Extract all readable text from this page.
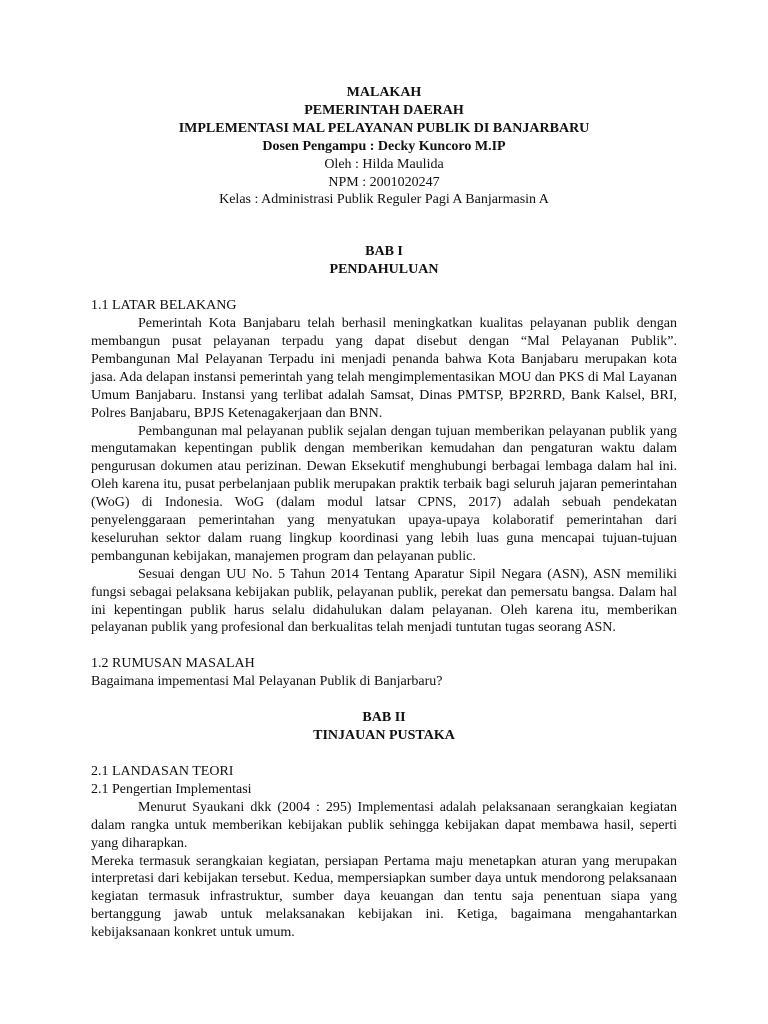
MALAKAH
PEMERINTAH DAERAH
IMPLEMENTASI MAL PELAYANAN PUBLIK DI BANJARBARU
Dosen Pengampu : Decky Kuncoro M.IP
Oleh : Hilda Maulida
NPM : 2001020247
Kelas : Administrasi Publik Reguler Pagi A Banjarmasin A
BAB I
PENDAHULUAN
1.1 LATAR BELAKANG

Pemerintah Kota Banjabaru telah berhasil meningkatkan kualitas pelayanan publik dengan membangun pusat pelayanan terpadu yang dapat disebut dengan “Mal Pelayanan Publik”. Pembangunan Mal Pelayanan Terpadu ini menjadi penanda bahwa Kota Banjabaru merupakan kota jasa. Ada delapan instansi pemerintah yang telah mengimplementasikan MOU dan PKS di Mal Layanan Umum Banjabaru. Instansi yang terlibat adalah Samsat, Dinas PMTSP, BP2RRD, Bank Kalsel, BRI, Polres Banjabaru, BPJS Ketenagakerjaan dan BNN.

Pembangunan mal pelayanan publik sejalan dengan tujuan memberikan pelayanan publik yang mengutamakan kepentingan publik dengan memberikan kemudahan dan pengaturan waktu dalam pengurusan dokumen atau perizinan. Dewan Eksekutif menghubungi berbagai lembaga dalam hal ini. Oleh karena itu, pusat perbelanjaan publik merupakan praktik terbaik bagi seluruh jajaran pemerintahan (WoG) di Indonesia. WoG (dalam modul latsar CPNS, 2017) adalah sebuah pendekatan penyelenggaraan pemerintahan yang menyatukan upaya-upaya kolaboratif pemerintahan dari keseluruhan sektor dalam ruang lingkup koordinasi yang lebih luas guna mencapai tujuan-tujuan pembangunan kebijakan, manajemen program dan pelayanan public.

Sesuai dengan UU No. 5 Tahun 2014 Tentang Aparatur Sipil Negara (ASN), ASN memiliki fungsi sebagai pelaksana kebijakan publik, pelayanan publik, perekat dan pemersatu bangsa. Dalam hal ini kepentingan publik harus selalu didahulukan dalam pelayanan. Oleh karena itu, memberikan pelayanan publik yang profesional dan berkualitas telah menjadi tuntutan tugas seorang ASN.

1.2 RUMUSAN MASALAH
Bagaimana impementasi Mal Pelayanan Publik di Banjarbaru?
BAB II
TINJAUAN PUSTAKA
2.1 LANDASAN TEORI
2.1 Pengertian Implementasi

Menurut Syaukani dkk (2004 : 295) Implementasi adalah pelaksanaan serangkaian kegiatan dalam rangka untuk memberikan kebijakan publik sehingga kebijakan dapat membawa hasil, seperti yang diharapkan.

Mereka termasuk serangkaian kegiatan, persiapan Pertama maju menetapkan aturan yang merupakan interpretasi dari kebijakan tersebut. Kedua, mempersiapkan sumber daya untuk mendorong pelaksanaan kegiatan termasuk infrastruktur, sumber daya keuangan dan tentu saja penentuan siapa yang bertanggung jawab untuk melaksanakan kebijakan ini. Ketiga, bagaimana mengahantarkan kebijaksanaan konkret untuk umum.
